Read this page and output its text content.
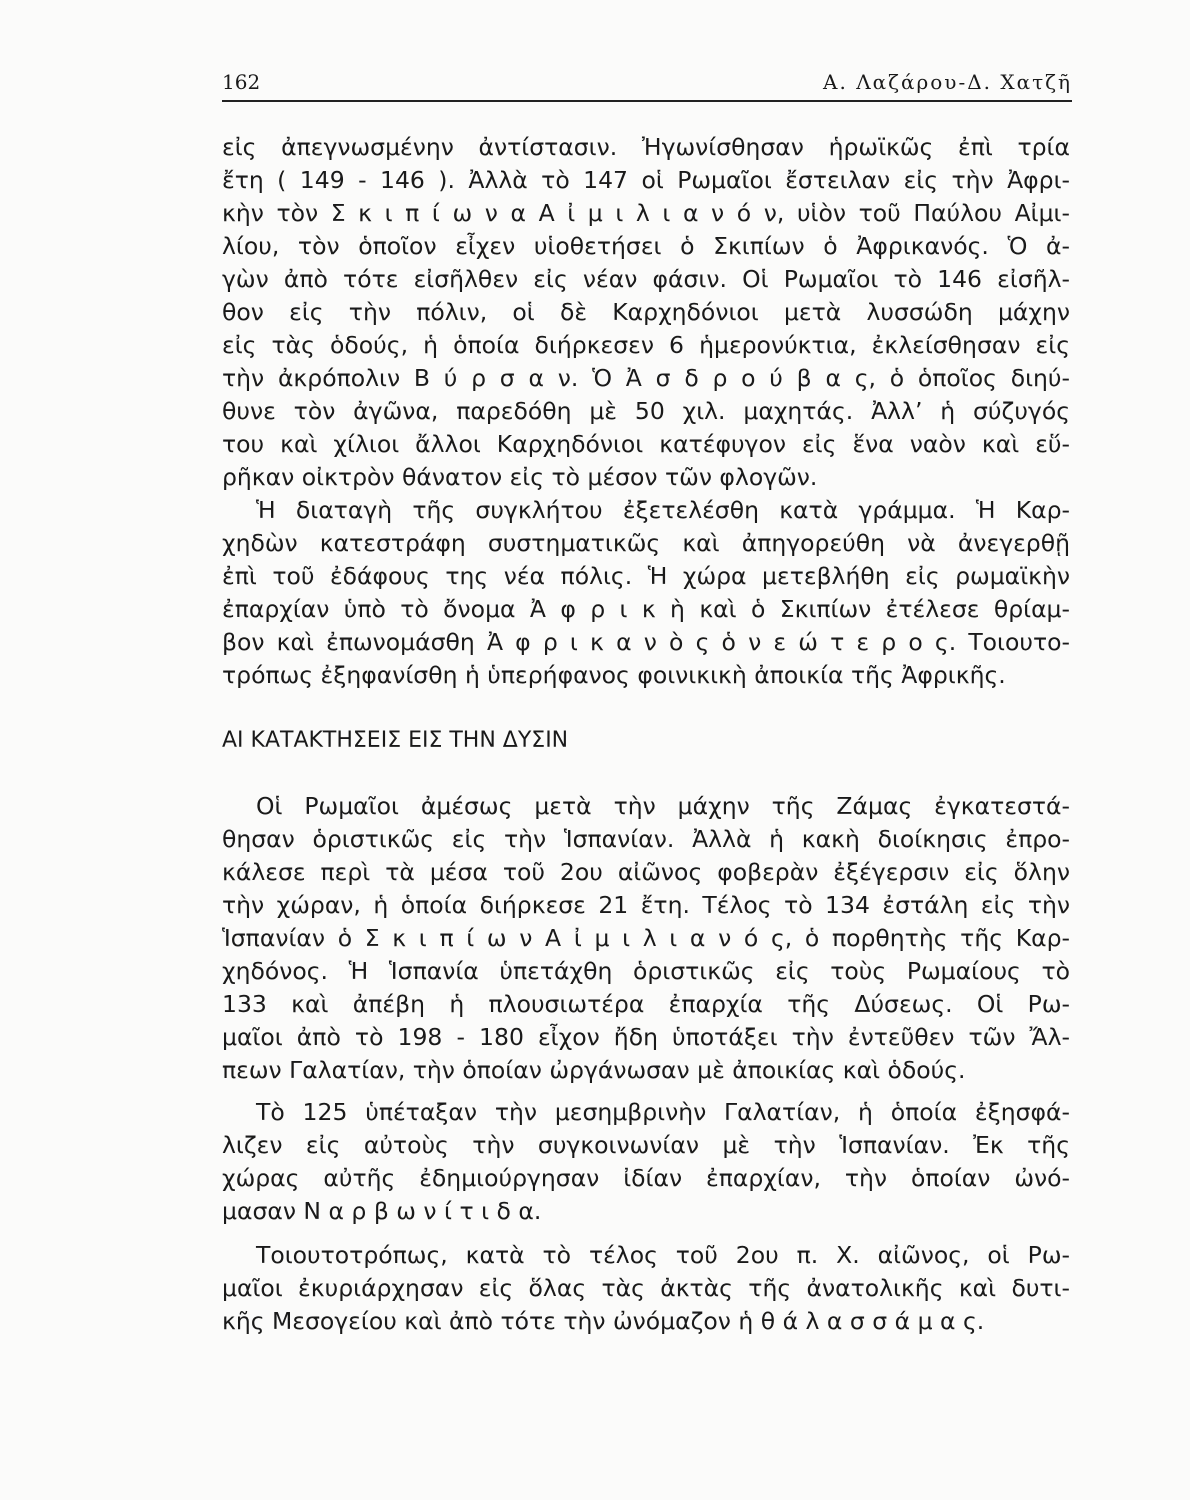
162	Α. Λαζάρου-Δ. Χατζῆ
εἰς ἀπεγνωσμένην ἀντίστασιν. Ἠγωνίσθησαν ἡρωϊκῶς ἐπὶ τρία
ἔτη ( 149 - 146 ). Ἀλλὰ τὸ 147 οἱ Ρωμαῖοι ἔστειλαν εἰς τὴν Ἀφρι-
κὴν τὸν Σ κ ι π ί ω ν α Α ἰ μ ι λ ι α ν ό ν, υἱὸν τοῦ Παύλου Αἰμι-
λίου, τὸν ὁποῖον εἶχεν υἱοθετήσει ὁ Σκιπίων ὁ Ἀφρικανός. Ὁ ἀ-
γὼν ἀπὸ τότε εἰσῆλθεν εἰς νέαν φάσιν. Οἱ Ρωμαῖοι τὸ 146 εἰσῆλ-
θον εἰς τὴν πόλιν, οἱ δὲ Καρχηδόνιοι μετὰ λυσσώδη μάχην
εἰς τὰς ὁδούς, ἡ ὁποία διήρκεσεν 6 ἡμερονύκτια, ἐκλείσθησαν εἰς
τὴν ἀκρόπολιν Β ύ ρ σ α ν. Ὁ Ἀ σ δ ρ ο ύ β α ς, ὁ ὁποῖος διηύ-
θυνε τὸν ἀγῶνα, παρεδόθη μὲ 50 χιλ. μαχητάς. Ἀλλ’ ἡ σύζυγός
του καὶ χίλιοι ἄλλοι Καρχηδόνιοι κατέφυγον εἰς ἕνα ναὸν καὶ εὕ-
ρῆκαν οἰκτρὸν θάνατον εἰς τὸ μέσον τῶν φλογῶν.
Ἡ διαταγὴ τῆς συγκλήτου ἐξετελέσθη κατὰ γράμμα. Ἡ Καρ-
χηδὼν κατεστράφη συστηματικῶς καὶ ἀπηγορεύθη νὰ ἀνεγερθῇ
ἐπὶ τοῦ ἐδάφους της νέα πόλις. Ἡ χώρα μετεβλήθη εἰς ρωμαϊκὴν
ἐπαρχίαν ὑπὸ τὸ ὄνομα Ἀ φ ρ ι κ ὴ καὶ ὁ Σκιπίων ἐτέλεσε θρίαμ-
βον καὶ ἐπωνομάσθη Ἀ φ ρ ι κ α ν ὸ ς ὁ ν ε ώ τ ε ρ ο ς. Τοιουτο-
τρόπως ἐξηφανίσθη ἡ ὑπερήφανος φοινικικὴ ἀποικία τῆς Ἀφρικῆς.
ΑΙ ΚΑΤΑΚΤΗΣΕΙΣ ΕΙΣ ΤΗΝ ΔΥΣΙΝ
Οἱ Ρωμαῖοι ἀμέσως μετὰ τὴν μάχην τῆς Ζάμας ἐγκατεστά-
θησαν ὁριστικῶς εἰς τὴν Ἱσπανίαν. Ἀλλὰ ἡ κακὴ διοίκησις ἐπρο-
κάλεσε περὶ τὰ μέσα τοῦ 2ου αἰῶνος φοβερὰν ἐξέγερσιν εἰς ὅλην
τὴν χώραν, ἡ ὁποία διήρκεσε 21 ἔτη. Τέλος τὸ 134 ἐστάλη εἰς τὴν
Ἱσπανίαν ὁ Σ κ ι π ί ω ν Α ἰ μ ι λ ι α ν ό ς, ὁ πορθητὴς τῆς Καρ-
χηδόνος. Ἡ Ἱσπανία ὑπετάχθη ὁριστικῶς εἰς τοὺς Ρωμαίους τὸ
133 καὶ ἀπέβη ἡ πλουσιωτέρα ἐπαρχία τῆς Δύσεως. Οἱ Ρω-
μαῖοι ἀπὸ τὸ 198 - 180 εἶχον ἤδη ὑποτάξει τὴν ἐντεῦθεν τῶν Ἄλ-
πεων Γαλατίαν, τὴν ὁποίαν ὠργάνωσαν μὲ ἀποικίας καὶ ὁδούς.
Τὸ 125 ὑπέταξαν τὴν μεσημβρινὴν Γαλατίαν, ἡ ὁποία ἐξησφά-
λιζεν εἰς αὐτοὺς τὴν συγκοινωνίαν μὲ τὴν Ἱσπανίαν. Ἐκ τῆς
χώρας αὐτῆς ἐδημιούργησαν ἰδίαν ἐπαρχίαν, τὴν ὁποίαν ὠνό-
μασαν Ν α ρ β ω ν ί τ ι δ α.
Τοιουτοτρόπως, κατὰ τὸ τέλος τοῦ 2ου π. Χ. αἰῶνος, οἱ Ρω-
μαῖοι ἐκυριάρχησαν εἰς ὅλας τὰς ἀκτὰς τῆς ἀνατολικῆς καὶ δυτι-
κῆς Μεσογείου καὶ ἀπὸ τότε τὴν ὠνόμαζον ἡ θ ά λ α σ σ ά μ α ς.
